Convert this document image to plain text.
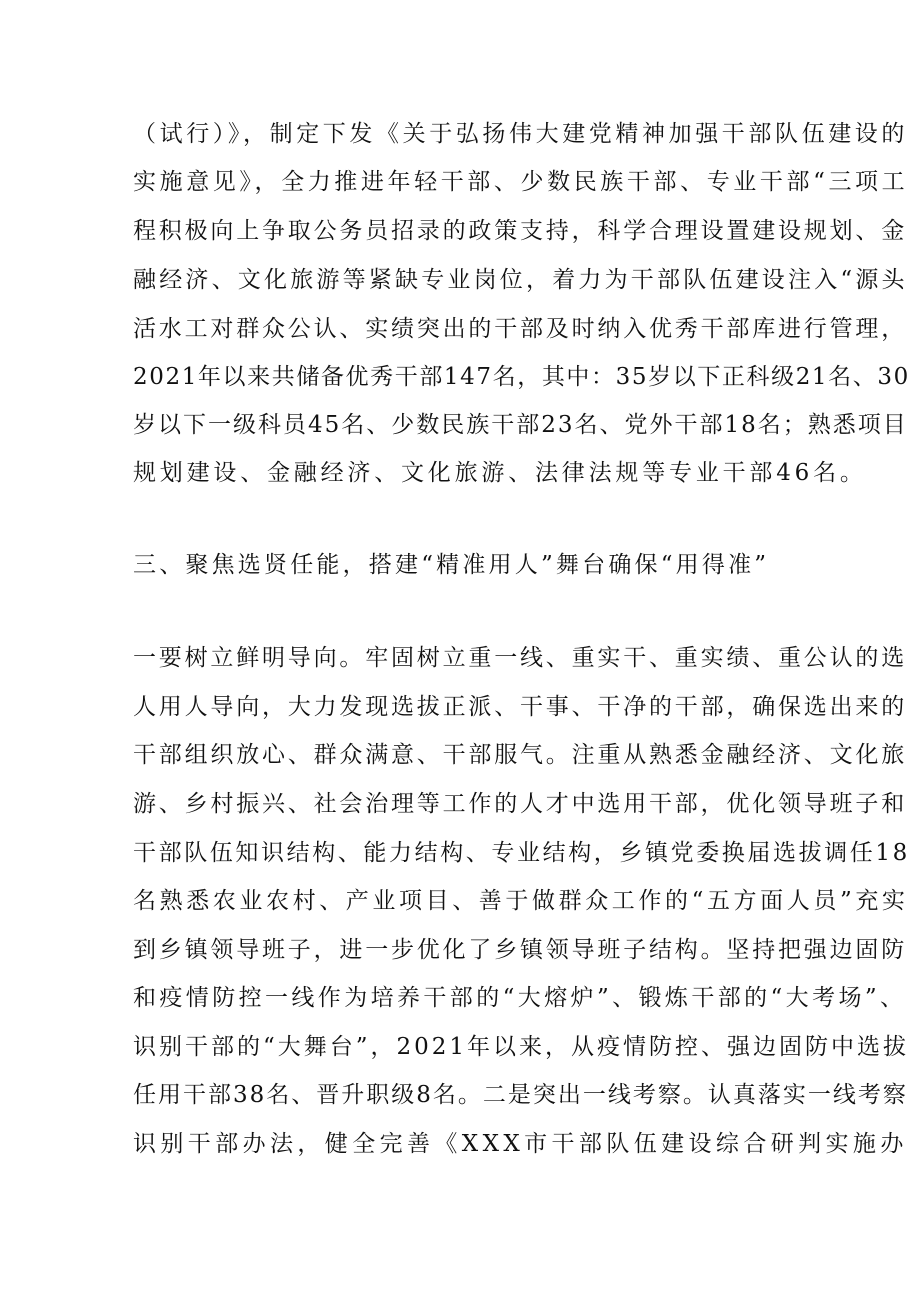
（试行）》，制定下发《关于弘扬伟大建党精神加强干部队伍建设的
实施意见》，全力推进年轻干部、少数民族干部、专业干部“三项工
程积极向上争取公务员招录的政策支持，科学合理设置建设规划、金
融经济、文化旅游等紧缺专业岗位，着力为干部队伍建设注入“源头
活水工对群众公认、实绩突出的干部及时纳入优秀干部库进行管理，
2021年以来共储备优秀干部147名，其中：35岁以下正科级21名、30
岁以下一级科员45名、少数民族干部23名、党外干部18名；熟悉项目
规划建设、金融经济、文化旅游、法律法规等专业干部46名。
三、聚焦选贤任能，搭建“精准用人”舞台确保“用得准”
一要树立鲜明导向。牢固树立重一线、重实干、重实绩、重公认的选
人用人导向，大力发现选拔正派、干事、干净的干部，确保选出来的
干部组织放心、群众满意、干部服气。注重从熟悉金融经济、文化旅
游、乡村振兴、社会治理等工作的人才中选用干部，优化领导班子和
干部队伍知识结构、能力结构、专业结构，乡镇党委换届选拔调任18
名熟悉农业农村、产业项目、善于做群众工作的“五方面人员”充实
到乡镇领导班子，进一步优化了乡镇领导班子结构。坚持把强边固防
和疫情防控一线作为培养干部的“大熔炉”、锻炼干部的“大考场”、
识别干部的“大舞台”，2021年以来，从疫情防控、强边固防中选拔
任用干部38名、晋升职级8名。二是突出一线考察。认真落实一线考察
识别干部办法，健全完善《XXX市干部队伍建设综合研判实施办
